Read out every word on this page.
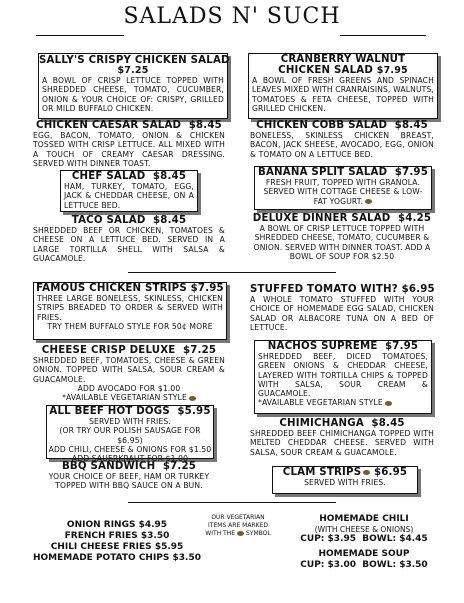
SALADS N' SUCH
SALLY'S CRISPY CHICKEN SALAD
$7.25
A BOWL OF CRISP LETTUCE TOPPED WITH SHREDDED CHEESE, TOMATO, CUCUMBER, ONION & YOUR CHOICE OF: CRISPY, GRILLED OR MILD BUFFALO CHICKEN.
CRANBERRY WALNUT
CHICKEN SALAD $7.95
A BOWL OF FRESH GREENS AND SPINACH LEAVES MIXED WITH CRANRAISINS, WALNUTS, TOMATOES & FETA CHEESE, TOPPED WITH GRILLED CHICKEN.
CHICKEN CAESAR SALAD $8.45
EGG, BACON, TOMATO, ONION & CHICKEN TOSSED WITH CRISP LETTUCE. ALL MIXED WITH A TOUCH OF CREAMY CAESAR DRESSING. SERVED WITH DINNER TOAST.
CHICKEN COBB SALAD $8.45
BONELESS, SKINLESS CHICKEN BREAST, BACON, JACK SHEESE, AVOCADO, EGG, ONION & TOMATO ON A LETTUCE BED.
CHEF SALAD $8.45
HAM, TURKEY, TOMATO, EGG, JACK & CHEDDAR CHEESE, ON A LETTUCE BED.
BANANA SPLIT SALAD $7.95
FRESH FRUIT, TOPPED WITH GRANOLA. SERVED WITH COTTAGE CHEESE & LOW-FAT YOGURT.
TACO SALAD $8.45
SHREDDED BEEF OR CHICKEN, TOMATOES & CHEESE ON A LETTUCE BED. SERVED IN A LARGE TORTILLA SHELL WITH SALSA & GUACAMOLE.
DELUXE DINNER SALAD $4.25
A BOWL OF CRISP LETTUCE TOPPED WITH SHREDDED CHEESE, TOMATO, CUCUMBER & ONION. SERVED WITH DINNER TOAST. ADD A BOWL OF SOUP FOR $2.50
FAMOUS CHICKEN STRIPS $7.95
THREE LARGE BONELESS, SKINLESS, CHICKEN STRIPS BREADED TO ORDER & SERVED WITH FRIES.
TRY THEM BUFFALO STYLE FOR 50¢ MORE
STUFFED TOMATO WITH? $6.95
A WHOLE TOMATO STUFFED WITH YOUR CHOICE OF HOMEMADE EGG SALAD, CHICKEN SALAD OR ALBACORE TUNA ON A BED OF LETTUCE.
CHEESE CRISP DELUXE $7.25
SHREDDED BEEF, TOMATOES, CHEESE & GREEN ONION. TOPPED WITH SALSA, SOUR CREAM & GUACAMOLE.
ADD AVOCADO FOR $1.00
*AVAILABLE VEGETARIAN STYLE
NACHOS SUPREME $7.95
SHREDDED BEEF, DICED TOMATOES, GREEN ONIONS & CHEDDAR CHEESE, LAYERED WITH TORTILLA CHIPS & TOPPED WITH SALSA, SOUR CREAM & GUACAMOLE.
*AVAILABLE VEGETARIAN STYLE
ALL BEEF HOT DOGS $5.95
SERVED WITH FRIES.
(OR TRY OUR POLISH SAUSAGE FOR $6.95)
ADD CHILI, CHEESE & ONIONS FOR $1.50
ADD SAUERKRAUT FOR $1.00
CHIMICHANGA $8.45
SHREDDED BEEF CHIMICHANGA TOPPED WITH MELTED CHEDDAR CHEESE. SERVED WITH SALSA, SOUR CREAM & GUACAMOLE.
BBQ SANDWICH $7.25
YOUR CHOICE OF BEEF, HAM OR TURKEY TOPPED WITH BBQ SAUCE ON A BUN.
CLAM STRIPS $6.95
SERVED WITH FRIES.
ONION RINGS $4.95
FRENCH FRIES $3.50
CHILI CHEESE FRIES $5.95
HOMEMADE POTATO CHIPS $3.50
OUR VEGETARIAN
ITEMS ARE MARKED
WITH THE SYMBOL
HOMEMADE CHILI
(WITH CHEESE & ONIONS)
CUP: $3.95 BOWL: $4.45
HOMEMADE SOUP
CUP: $3.00 BOWL: $3.50
